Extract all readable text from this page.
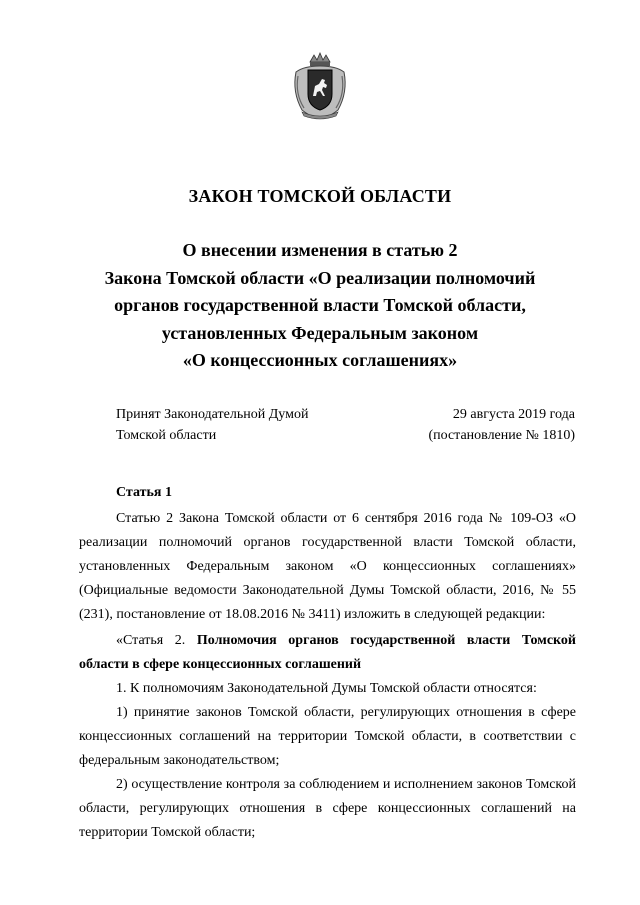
ЗАКОН ТОМСКОЙ ОБЛАСТИ
О внесении изменения в статью 2
Закона Томской области «О реализации полномочий
органов государственной власти Томской области,
установленных Федеральным законом
«О концессионных соглашениях»
Принят Законодательной Думой
Томской области
29 августа 2019 года
(постановление № 1810)
Статья 1

Статью 2 Закона Томской области от 6 сентября 2016 года № 109-ОЗ «О реализации полномочий органов государственной власти Томской области, установленных Федеральным законом «О концессионных соглашениях» (Официальные ведомости Законодательной Думы Томской области, 2016, № 55 (231), постановление от 18.08.2016 № 3411) изложить в следующей редакции:

«Статья 2. Полномочия органов государственной власти Томской области в сфере концессионных соглашений

1. К полномочиям Законодательной Думы Томской области относятся:

1) принятие законов Томской области, регулирующих отношения в сфере концессионных соглашений на территории Томской области, в соответствии с федеральным законодательством;

2) осуществление контроля за соблюдением и исполнением законов Томской области, регулирующих отношения в сфере концессионных соглашений на территории Томской области;
